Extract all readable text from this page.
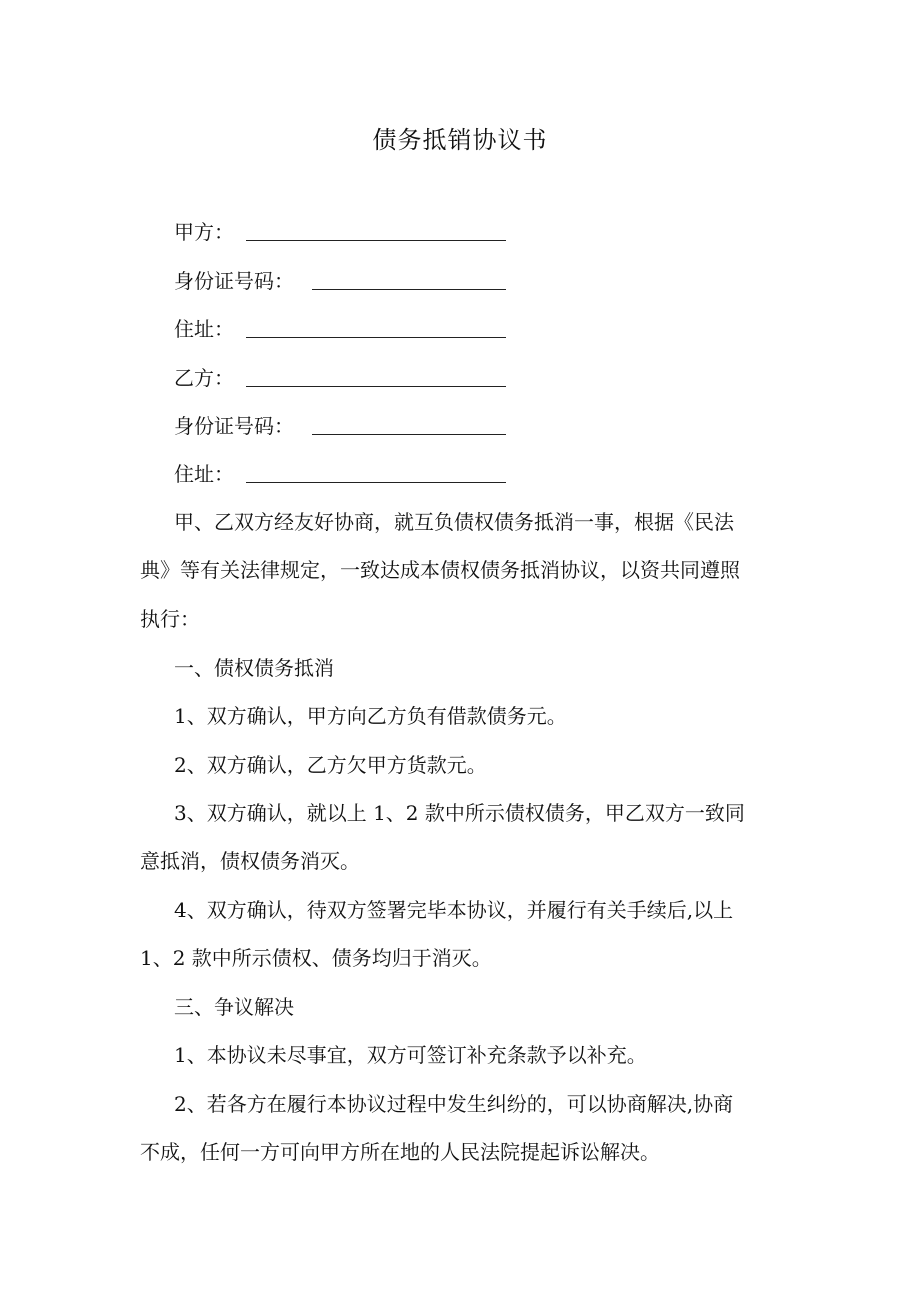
债务抵销协议书
甲方：
身份证号码：
住址：
乙方：
身份证号码：
住址：
甲、乙双方经友好协商，就互负债权债务抵消一事，根据《民法
典》等有关法律规定，一致达成本债权债务抵消协议，以资共同遵照
执行：
一、债权债务抵消
1、双方确认，甲方向乙方负有借款债务元。
2、双方确认，乙方欠甲方货款元。
3、双方确认，就以上 1、2 款中所示债权债务，甲乙双方一致同
意抵消，债权债务消灭。
4、双方确认，待双方签署完毕本协议，并履行有关手续后,以上
1、2 款中所示债权、债务均归于消灭。
三、争议解决
1、本协议未尽事宜，双方可签订补充条款予以补充。
2、若各方在履行本协议过程中发生纠纷的，可以协商解决,协商
不成，任何一方可向甲方所在地的人民法院提起诉讼解决。
